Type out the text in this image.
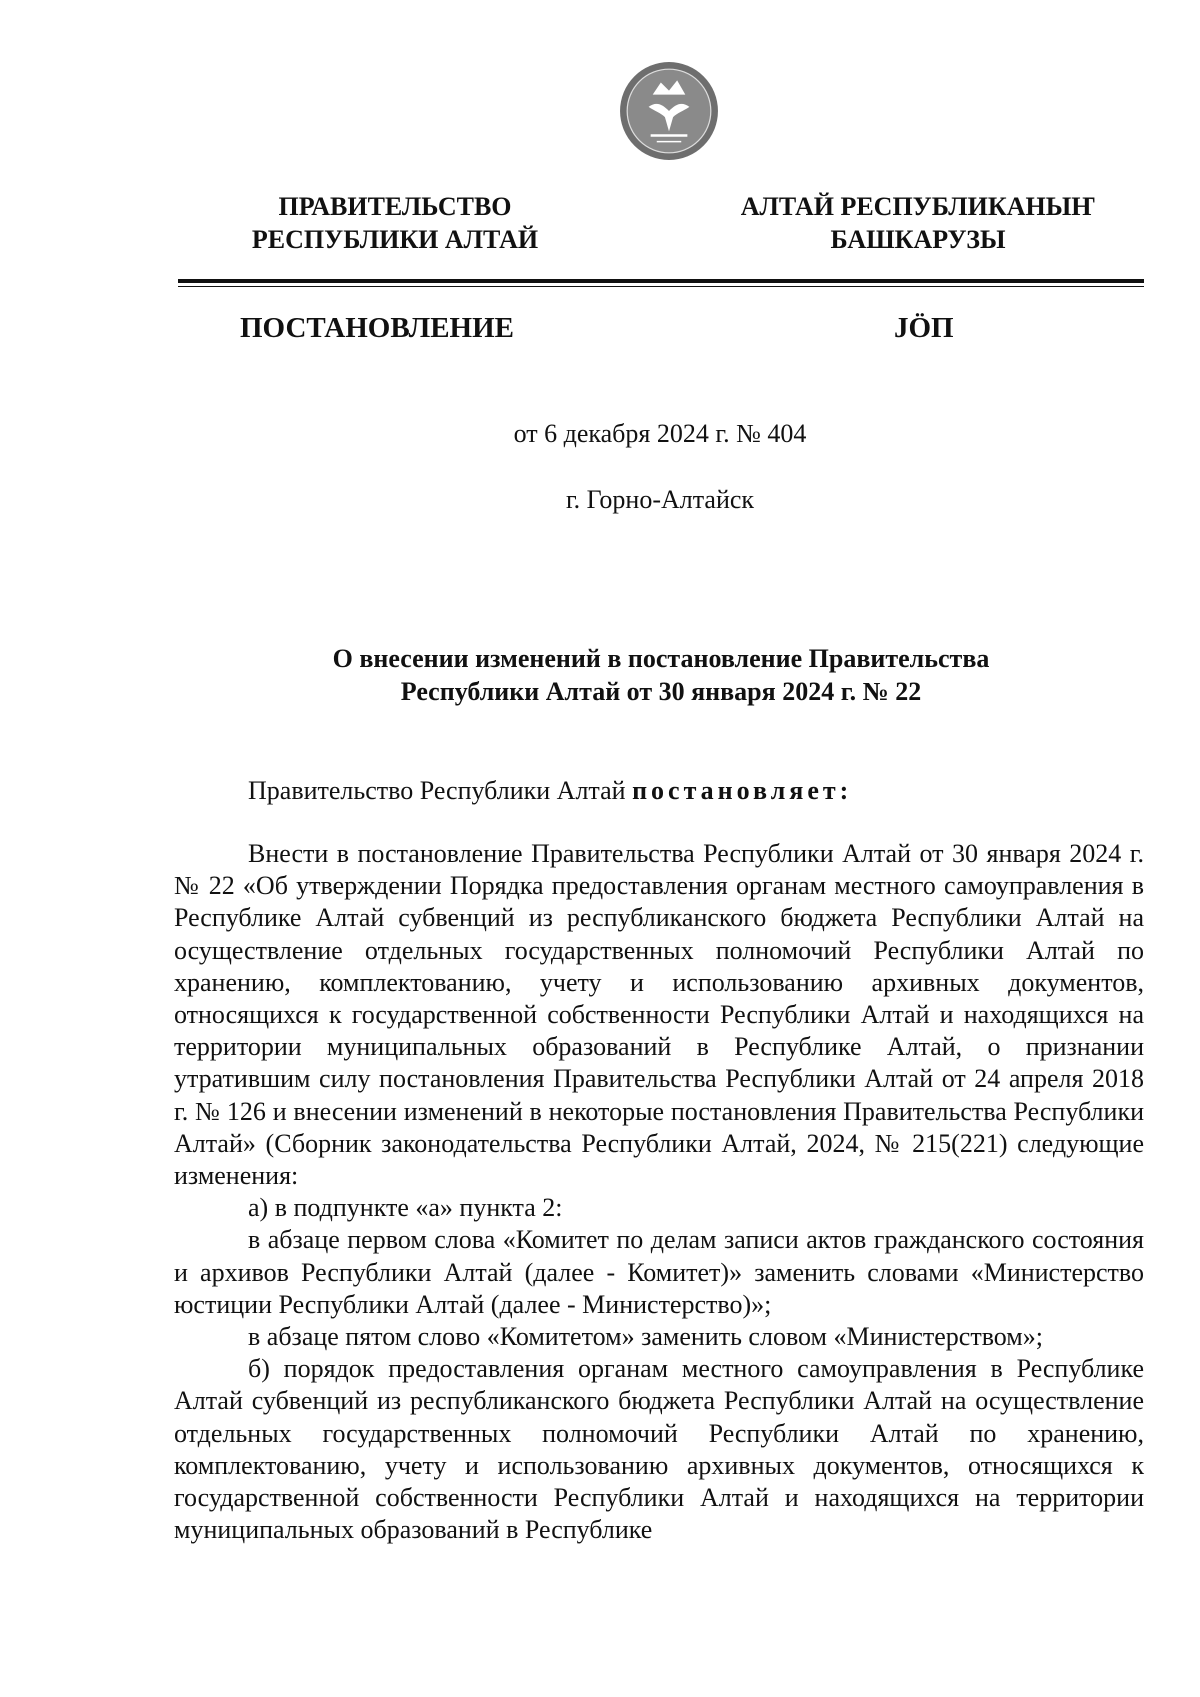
ПРАВИТЕЛЬСТВО
РЕСПУБЛИКИ АЛТАЙ
АЛТАЙ РЕСПУБЛИКАНЫҤ
БАШКАРУЗЫ
ПОСТАНОВЛЕНИЕ	JÖП
от 6 декабря 2024 г. № 404
г. Горно-Алтайск
О внесении изменений в постановление Правительства
Республики Алтай от 30 января 2024 г. № 22
Правительство Республики Алтай постановляет:

Внести в постановление Правительства Республики Алтай от 30 января 2024 г. № 22 «Об утверждении Порядка предоставления органам местного самоуправления в Республике Алтай субвенций из республиканского бюджета Республики Алтай на осуществление отдельных государственных полномочий Республики Алтай по хранению, комплектованию, учету и использованию архивных документов, относящихся к государственной собственности Республики Алтай и находящихся на территории муниципальных образований в Республике Алтай, о признании утратившим силу постановления Правительства Республики Алтай от 24 апреля 2018 г. № 126 и внесении изменений в некоторые постановления Правительства Республики Алтай» (Сборник законодательства Республики Алтай, 2024, № 215(221) следующие изменения:

а) в подпункте «а» пункта 2:

в абзаце первом слова «Комитет по делам записи актов гражданского состояния и архивов Республики Алтай (далее - Комитет)» заменить словами «Министерство юстиции Республики Алтай (далее - Министерство)»;

в абзаце пятом слово «Комитетом» заменить словом «Министерством»;

б) порядок предоставления органам местного самоуправления в Республике Алтай субвенций из республиканского бюджета Республики Алтай на осуществление отдельных государственных полномочий Республики Алтай по хранению, комплектованию, учету и использованию архивных документов, относящихся к государственной собственности Республики Алтай и находящихся на территории муниципальных образований в Республике
